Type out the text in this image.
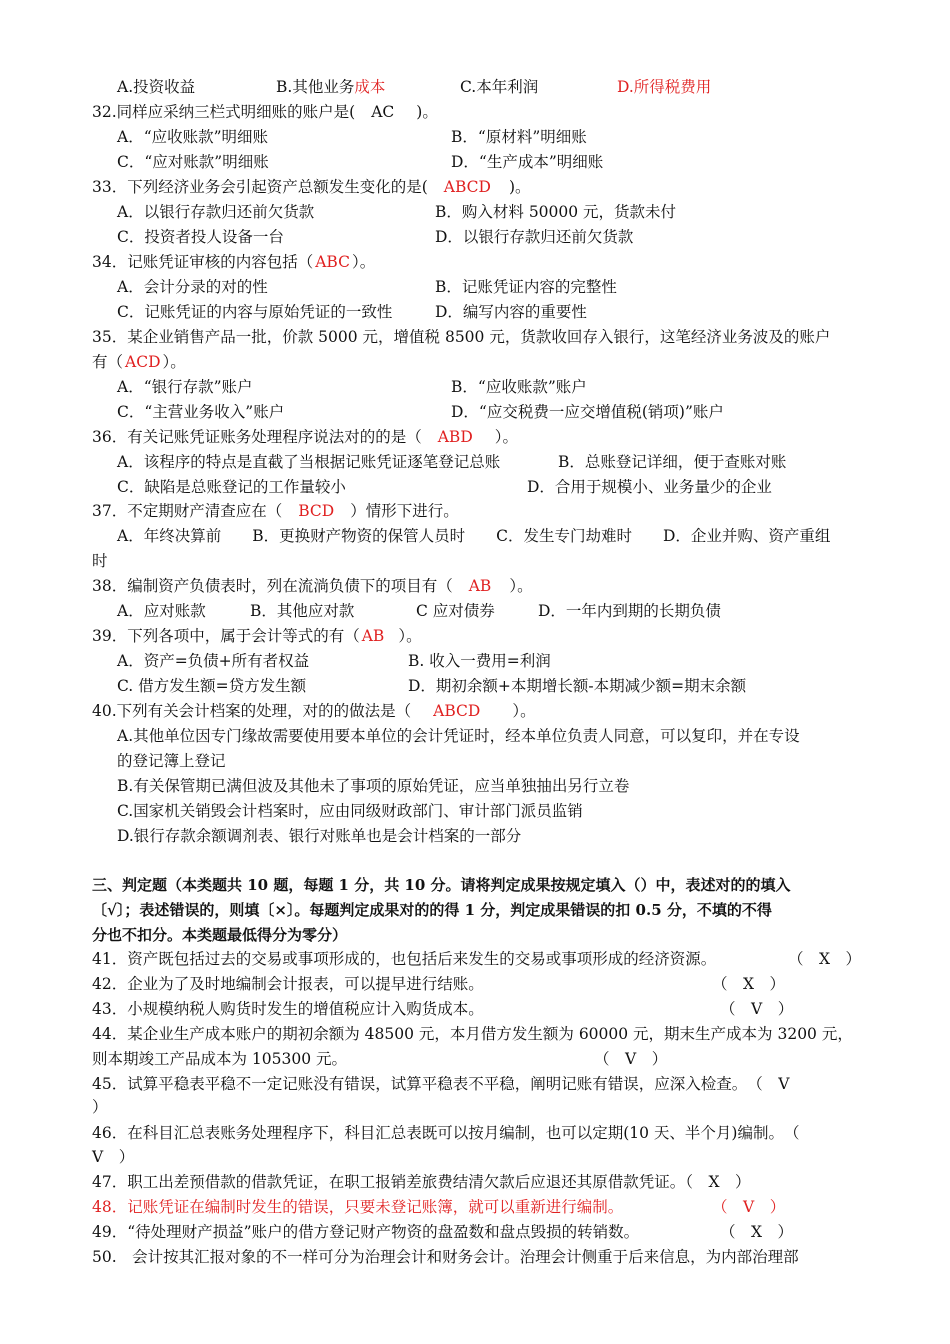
A.投资收益	B.其他业务成本	C.本年利润	D.所得税费用
32.同样应采纳三栏式明细账的账户是( AC )。
A．“应收账款”明细账	B．“原材料”明细账
C．“应对账款”明细账	D．“生产成本”明细账
33．下列经济业务会引起资产总额发生变化的是( ABCD )。
A．以银行存款归还前欠货款	B．购入材料 50000 元，货款未付
C．投资者投人设备一台	D．以银行存款归还前欠货款
34．记账凭证审核的内容包括（ ABC ）。
A．会计分录的对的性	B．记账凭证内容的完整性
C．记账凭证的内容与原始凭证的一致性	D．编写内容的重要性
35．某企业销售产品一批，价款 5000 元，增值税 8500 元，货款收回存入银行，这笔经济业务波及的账户
有（ ACD ）。
A．“银行存款”账户	B．“应收账款”账户
C．“主营业务收入”账户	D．“应交税费一应交增值税(销项)”账户
36．有关记账凭证账务处理程序说法对的的是（ ABD ）。
A．该程序的特点是直截了当根据记账凭证逐笔登记总账	B．总账登记详细，便于查账对账
C．缺陷是总账登记的工作量较小	D．合用于规模小、业务量少的企业
37．不定期财产清查应在（ BCD ）情形下进行。
A．年终决算前　　B．更换财产物资的保管人员时　　C．发生专门劫难时　　D．企业并购、资产重组
时
38．编制资产负债表时，列在流淌负债下的项目有（ AB ）。
A．应对账款	B．其他应对款	C 应对债券	D．一年内到期的长期负债
39．下列各项中，属于会计等式的有（ AB ）。
A．资产=负债+所有者权益	B. 收入一费用=利润
C. 借方发生额=贷方发生额	D．期初余额+本期增长额-本期减少额=期末余额
40.下列有关会计档案的处理，对的的做法是（ ABCD ）。
A.其他单位因专门缘故需要使用要本单位的会计凭证时，经本单位负责人同意，可以复印，并在专设
的登记簿上登记
B.有关保管期已满但波及其他未了事项的原始凭证，应当单独抽出另行立卷
C.国家机关销毁会计档案时，应由同级财政部门、审计部门派员监销
D.银行存款余额调剂表、银行对账单也是会计档案的一部分
三、判定题（本类题共 10 题，每题 1 分，共 10 分。请将判定成果按规定填入（）中，表述对的的填入
〔√〕；表述错误的，则填〔×〕。每题判定成果对的的得 1 分，判定成果错误的扣 0.5 分，不填的不得
分也不扣分。本类题最低得分为零分）
41．资产既包括过去的交易或事项形成的，也包括后来发生的交易或事项形成的经济资源。	（　X　）
42．企业为了及时地编制会计报表，可以提早进行结账。	（　X　）
43．小规模纳税人购货时发生的增值税应计入购货成本。	（　V　）
44．某企业生产成本账户的期初余额为 48500 元，本月借方发生额为 60000 元，期末生产成本为 3200 元，
则本期竣工产品成本为 105300 元。	（　V　）
45．试算平稳表平稳不一定记账没有错误，试算平稳表不平稳，阐明记账有错误，应深入检查。　（　V
）
46．在科目汇总表账务处理程序下，科目汇总表既可以按月编制，也可以定期(10 天、半个月)编制。　（
V　）
47．职工出差预借款的借款凭证，在职工报销差旅费结清欠款后应退还其原借款凭证。（　X　）
48．记账凭证在编制时发生的错误，只要未登记账簿，就可以重新进行编制。	（　V　）
49．“待处理财产损益”账户的借方登记财产物资的盘盈数和盘点毁损的转销数。	（　X　）
50.　会计按其汇报对象的不一样可分为治理会计和财务会计。治理会计侧重于后来信息，为内部治理部
